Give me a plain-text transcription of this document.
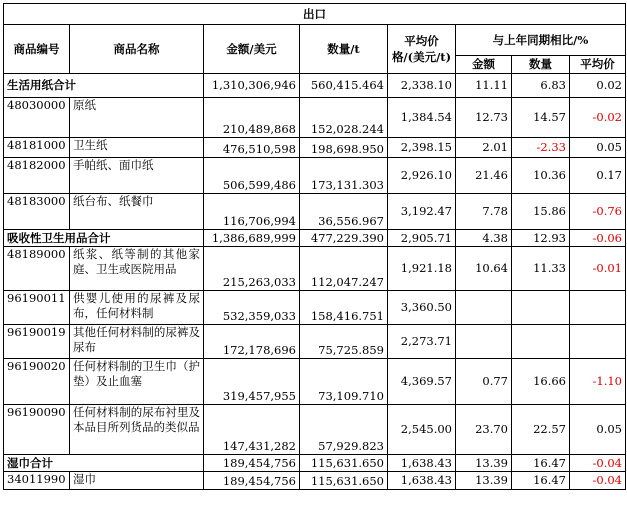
出口							
商品编号	商品名称	金额/美元	数量/t	平均价格/(美元/t)	与上年同期相比/%		
					金额	数量	平均价
生活用纸合计		1,310,306,946	560,415.464	2,338.10	11.11	6.83	0.02
48030000	原纸	210,489,868	152,028.244	1,384.54	12.73	14.57	-0.02
48181000	卫生纸	476,510,598	198,698.950	2,398.15	2.01	-2.33	0.05
48182000	手帕纸、面巾纸	506,599,486	173,131.303	2,926.10	21.46	10.36	0.17
48183000	纸台布、纸餐巾	116,706,994	36,556.967	3,192.47	7.78	15.86	-0.76
吸收性卫生用品合计		1,386,689,999	477,229.390	2,905.71	4.38	12.93	-0.06
48189000	纸浆、纸等制的其他家庭、卫生或医院用品	215,263,033	112,047.247	1,921.18	10.64	11.33	-0.01
96190011	供婴儿使用的尿裤及尿布，任何材料制	532,359,033	158,416.751	3,360.50			
96190019	其他任何材料制的尿裤及尿布	172,178,696	75,725.859	2,273.71			
96190020	任何材料制的卫生巾（护垫）及止血塞	319,457,955	73,109.710	4,369.57	0.77	16.66	-1.10
96190090	任何材料制的尿布衬里及本品目所列货品的类似品	147,431,282	57,929.823	2,545.00	23.70	22.57	0.05
湿巾合计		189,454,756	115,631.650	1,638.43	13.39	16.47	-0.04
34011990	湿巾	189,454,756	115,631.650	1,638.43	13.39	16.47	-0.04
